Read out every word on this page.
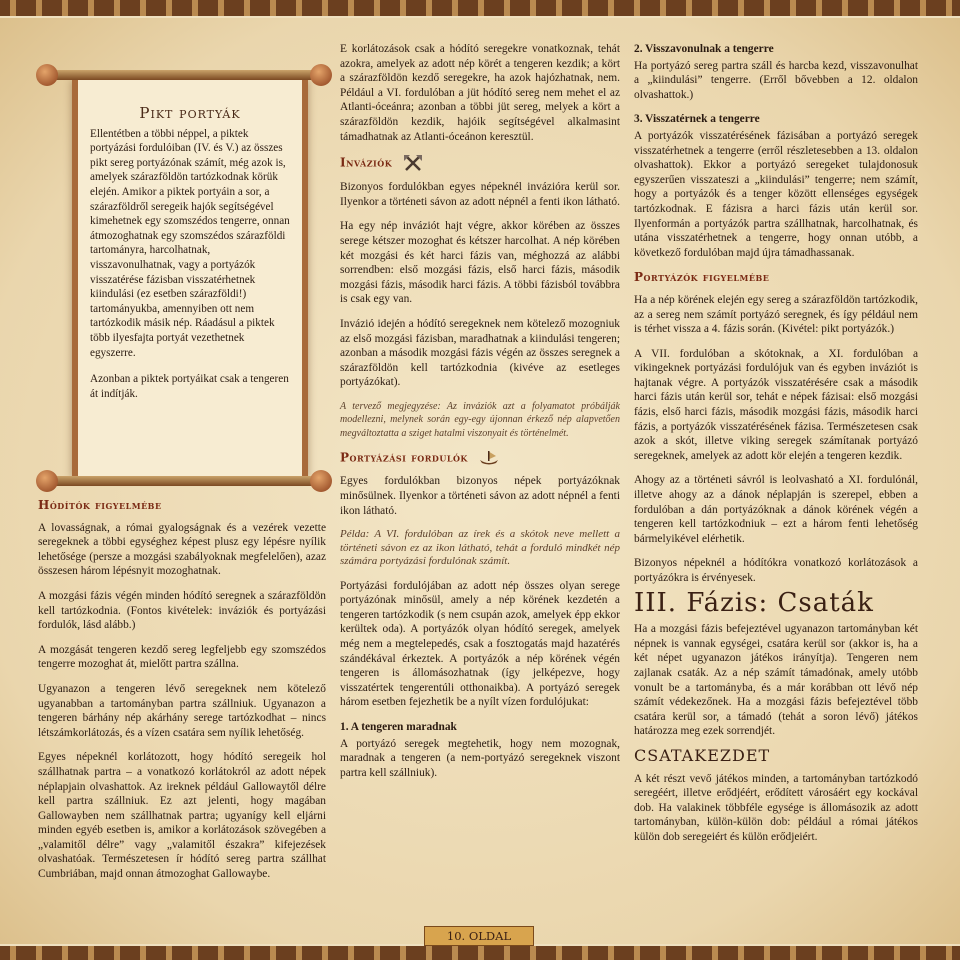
Pikt portyák

Ellentétben a többi néppel, a piktek portyázási fordulóiban (IV. és V.) az összes pikt sereg portyázónak számít, még azok is, amelyek szárazföldön tartózkodnak körük elején. Amikor a piktek portyáin a sor, a szárazföldről seregeik hajók segítségével kimehetnek egy szomszédos tengerre, onnan átmozoghatnak egy szomszédos szárazföldi tartományra, harcolhatnak, visszavonulhatnak, vagy a portyázók visszatérése fázisban visszatérhetnek kiindulási (ez esetben szárazföldi!) tartományukba, amennyiben ott nem tartózkodik másik nép. Ráadásul a piktek több ilyesfajta portyát vezethetnek egyszerre.

Azonban a piktek portyáikat csak a tengeren át indítják.

Hódítók figyelmébe

A lovasságnak, a római gyalogságnak és a vezérek vezette seregeknek a többi egységhez képest plusz egy lépésre nyílik lehetősége (persze a mozgási szabályoknak megfelelően), azaz összesen három lépésnyit mozoghatnak.

A mozgási fázis végén minden hódító seregnek a szárazföldön kell tartózkodnia. (Fontos kivételek: inváziók és portyázási fordulók, lásd alább.)

A mozgását tengeren kezdő sereg legfeljebb egy szomszédos tengerre mozoghat át, mielőtt partra szállna.

Ugyanazon a tengeren lévő seregeknek nem kötelező ugyanabban a tartományban partra szállniuk. Ugyanazon a tengeren bárhány nép akárhány serege tartózkodhat – nincs létszámkorlátozás, és a vízen csatára sem nyílik lehetőség.

Egyes népeknél korlátozott, hogy hódító seregeik hol szállhatnak partra – a vonatkozó korlátokról az adott népek néplapjain olvashattok. Az ireknek például Gallowaytől délre kell partra szállniuk. Ez azt jelenti, hogy magában Gallowayben nem szállhatnak partra; ugyanígy kell eljárni minden egyéb esetben is, amikor a korlátozások szövegében a „valamitől délre” vagy „valamitől északra” kifejezések olvashatóak. Természetesen ír hódító sereg partra szállhat Cumbriában, majd onnan átmozoghat Gallowaybe.

E korlátozások csak a hódító seregekre vonatkoznak, tehát azokra, amelyek az adott nép körét a tengeren kezdik; a kört a szárazföldön kezdő seregekre, ha azok hajózhatnak, nem. Például a VI. fordulóban a jüt hódító sereg nem mehet el az Atlanti-óceánra; azonban a többi jüt sereg, melyek a kört a szárazföldön kezdik, hajóik segítségével alkalmasint támadhatnak az Atlanti-óceánon keresztül.

Inváziók

Bizonyos fordulókban egyes népeknél invázióra kerül sor. Ilyenkor a történeti sávon az adott népnél a fenti ikon látható.

Ha egy nép inváziót hajt végre, akkor körében az összes serege kétszer mozoghat és kétszer harcolhat. A nép körében két mozgási és két harci fázis van, méghozzá az alábbi sorrendben: első mozgási fázis, első harci fázis, második mozgási fázis, második harci fázis. A többi fázisból továbbra is csak egy van.

Invázió idején a hódító seregeknek nem kötelező mozogniuk az első mozgási fázisban, maradhatnak a kiindulási tengeren; azonban a második mozgási fázis végén az összes seregnek a szárazföldön kell tartózkodnia (kivéve az esetleges portyázókat).

A tervező megjegyzése: Az inváziók azt a folyamatot próbálják modellezni, melynek során egy-egy újonnan érkező nép alapvetően megváltoztatta a sziget hatalmi viszonyait és történelmét.

Portyázási fordulók

Egyes fordulókban bizonyos népek portyázóknak minősülnek. Ilyenkor a történeti sávon az adott népnél a fenti ikon látható.

Példa: A VI. fordulóban az írek és a skótok neve mellett a történeti sávon ez az ikon látható, tehát a forduló mindkét nép számára portyázási fordulónak számít.

Portyázási fordulójában az adott nép összes olyan serege portyázónak minősül, amely a nép körének kezdetén a tengeren tartózkodik (s nem csupán azok, amelyek épp ekkor kerültek oda). A portyázók olyan hódító seregek, amelyek még nem a megtelepedés, csak a fosztogatás majd hazatérés szándékával érkeztek. A portyázók a nép körének végén tengeren is állomásozhatnak (így jelképezve, hogy visszatértek tengerentúli otthonaikba). A portyázó seregek három esetben fejezhetik be a nyílt vízen fordulójukat:

1. A tengeren maradnak

A portyázó seregek megtehetik, hogy nem mozognak, maradnak a tengeren (a nem-portyázó seregeknek viszont partra kell szállniuk).

2. Visszavonulnak a tengerre

Ha portyázó sereg partra száll és harcba kezd, visszavonulhat a „kiindulási” tengerre. (Erről bővebben a 12. oldalon olvashattok.)

3. Visszatérnek a tengerre

A portyázók visszatérésének fázisában a portyázó seregek visszatérhetnek a tengerre (erről részletesebben a 13. oldalon olvashattok). Ekkor a portyázó seregeket tulajdonosuk egyszerűen visszateszi a „kiindulási” tengerre; nem számít, hogy a portyázók és a tenger között ellenséges egységek tartózkodnak. E fázisra a harci fázis után kerül sor. Ilyenformán a portyázók partra szállhatnak, harcolhatnak, és utána visszatérhetnek a tengerre, hogy onnan utóbb, a következő fordulóban majd újra támadhassanak.

Portyázók figyelmébe

Ha a nép körének elején egy sereg a szárazföldön tartózkodik, az a sereg nem számít portyázó seregnek, és így például nem is térhet vissza a 4. fázis során. (Kivétel: pikt portyázók.)

A VII. fordulóban a skótoknak, a XI. fordulóban a vikingeknek portyázási fordulójuk van és egyben inváziót is hajtanak végre. A portyázók visszatérésére csak a második harci fázis után kerül sor, tehát e népek fázisai: első mozgási fázis, első harci fázis, második mozgási fázis, második harci fázis, a portyázók visszatérésének fázisa. Természetesen csak azok a skót, illetve viking seregek számítanak portyázó seregeknek, amelyek az adott kör elején a tengeren kezdik.

Ahogy az a történeti sávról is leolvasható a XI. fordulónál, illetve ahogy az a dánok néplapján is szerepel, ebben a fordulóban a dán portyázóknak a dánok körének végén a tengeren kell tartózkodniuk – ezt a három fenti lehetőség bármelyikével elérhetik.

Bizonyos népeknél a hódítókra vonatkozó korlátozások a portyázókra is érvényesek.

III. Fázis: Csaták

Ha a mozgási fázis befejeztével ugyanazon tartományban két népnek is vannak egységei, csatára kerül sor (akkor is, ha a két népet ugyanazon játékos irányítja). Tengeren nem zajlanak csaták. Az a nép számít támadónak, amely utóbb vonult be a tartományba, és a már korábban ott lévő nép számít védekezőnek. Ha a mozgási fázis befejeztével több csatára kerül sor, a támadó (tehát a soron lévő) játékos határozza meg ezek sorrendjét.

CSATAKEZDET

A két részt vevő játékos minden, a tartományban tartózkodó seregéért, illetve erődjéért, erődített városáért egy kockával dob. Ha valakinek többféle egysége is állomásozik az adott tartományban, külön-külön dob: például a római játékos külön dob seregeiért és külön erődjeiért.

10. OLDAL
